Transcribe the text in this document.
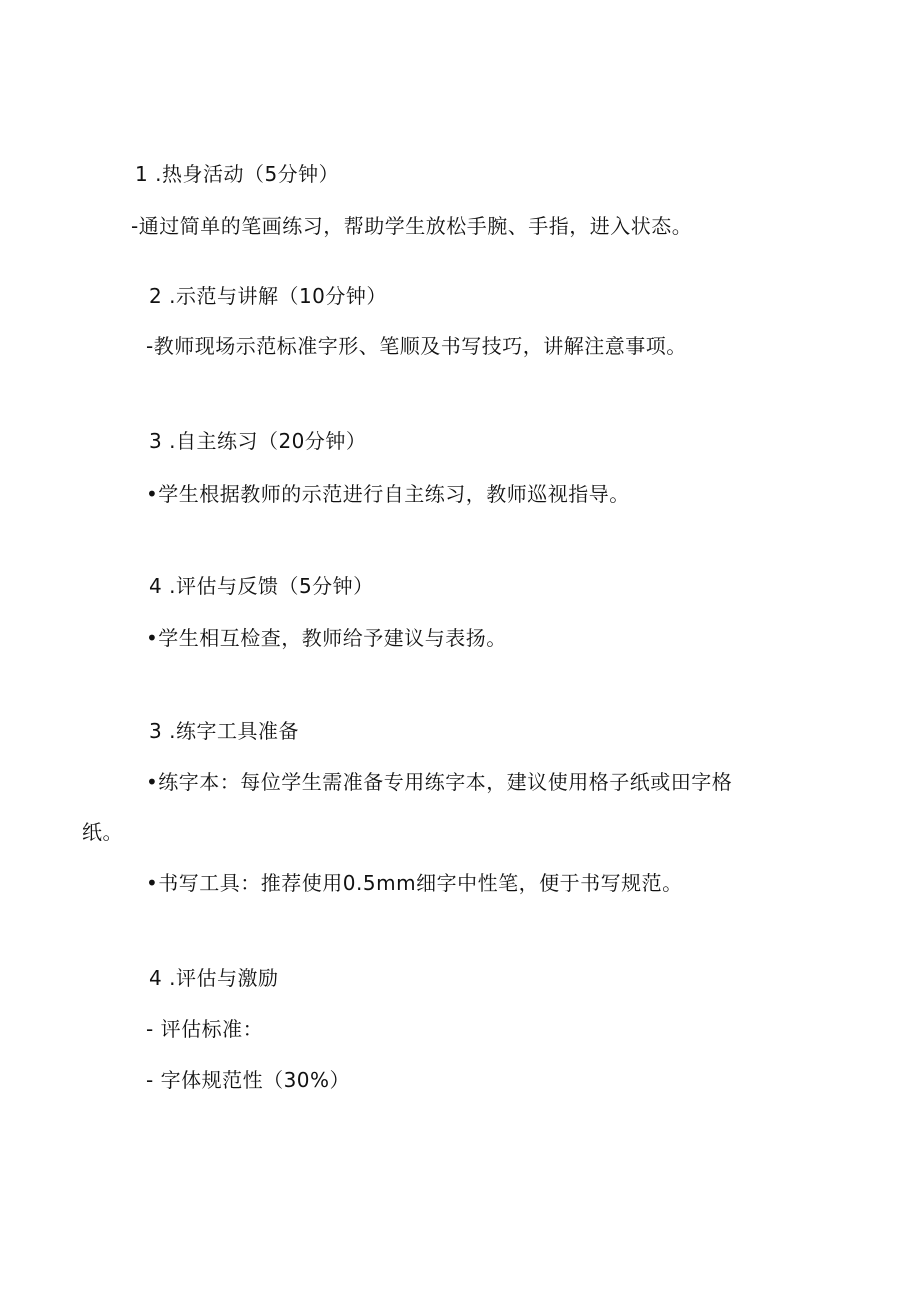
1 .热身活动（5分钟）
-通过简单的笔画练习，帮助学生放松手腕、手指，进入状态。
2 .示范与讲解（10分钟）
-教师现场示范标准字形、笔顺及书写技巧，讲解注意事项。
3 .自主练习（20分钟）
•学生根据教师的示范进行自主练习，教师巡视指导。
4 .评估与反馈（5分钟）
•学生相互检查，教师给予建议与表扬。
3 .练字工具准备
•练字本：每位学生需准备专用练字本，建议使用格子纸或田字格
纸。
•书写工具：推荐使用0.5mm细字中性笔，便于书写规范。
4 .评估与激励
- 评估标准：
- 字体规范性（30%）
